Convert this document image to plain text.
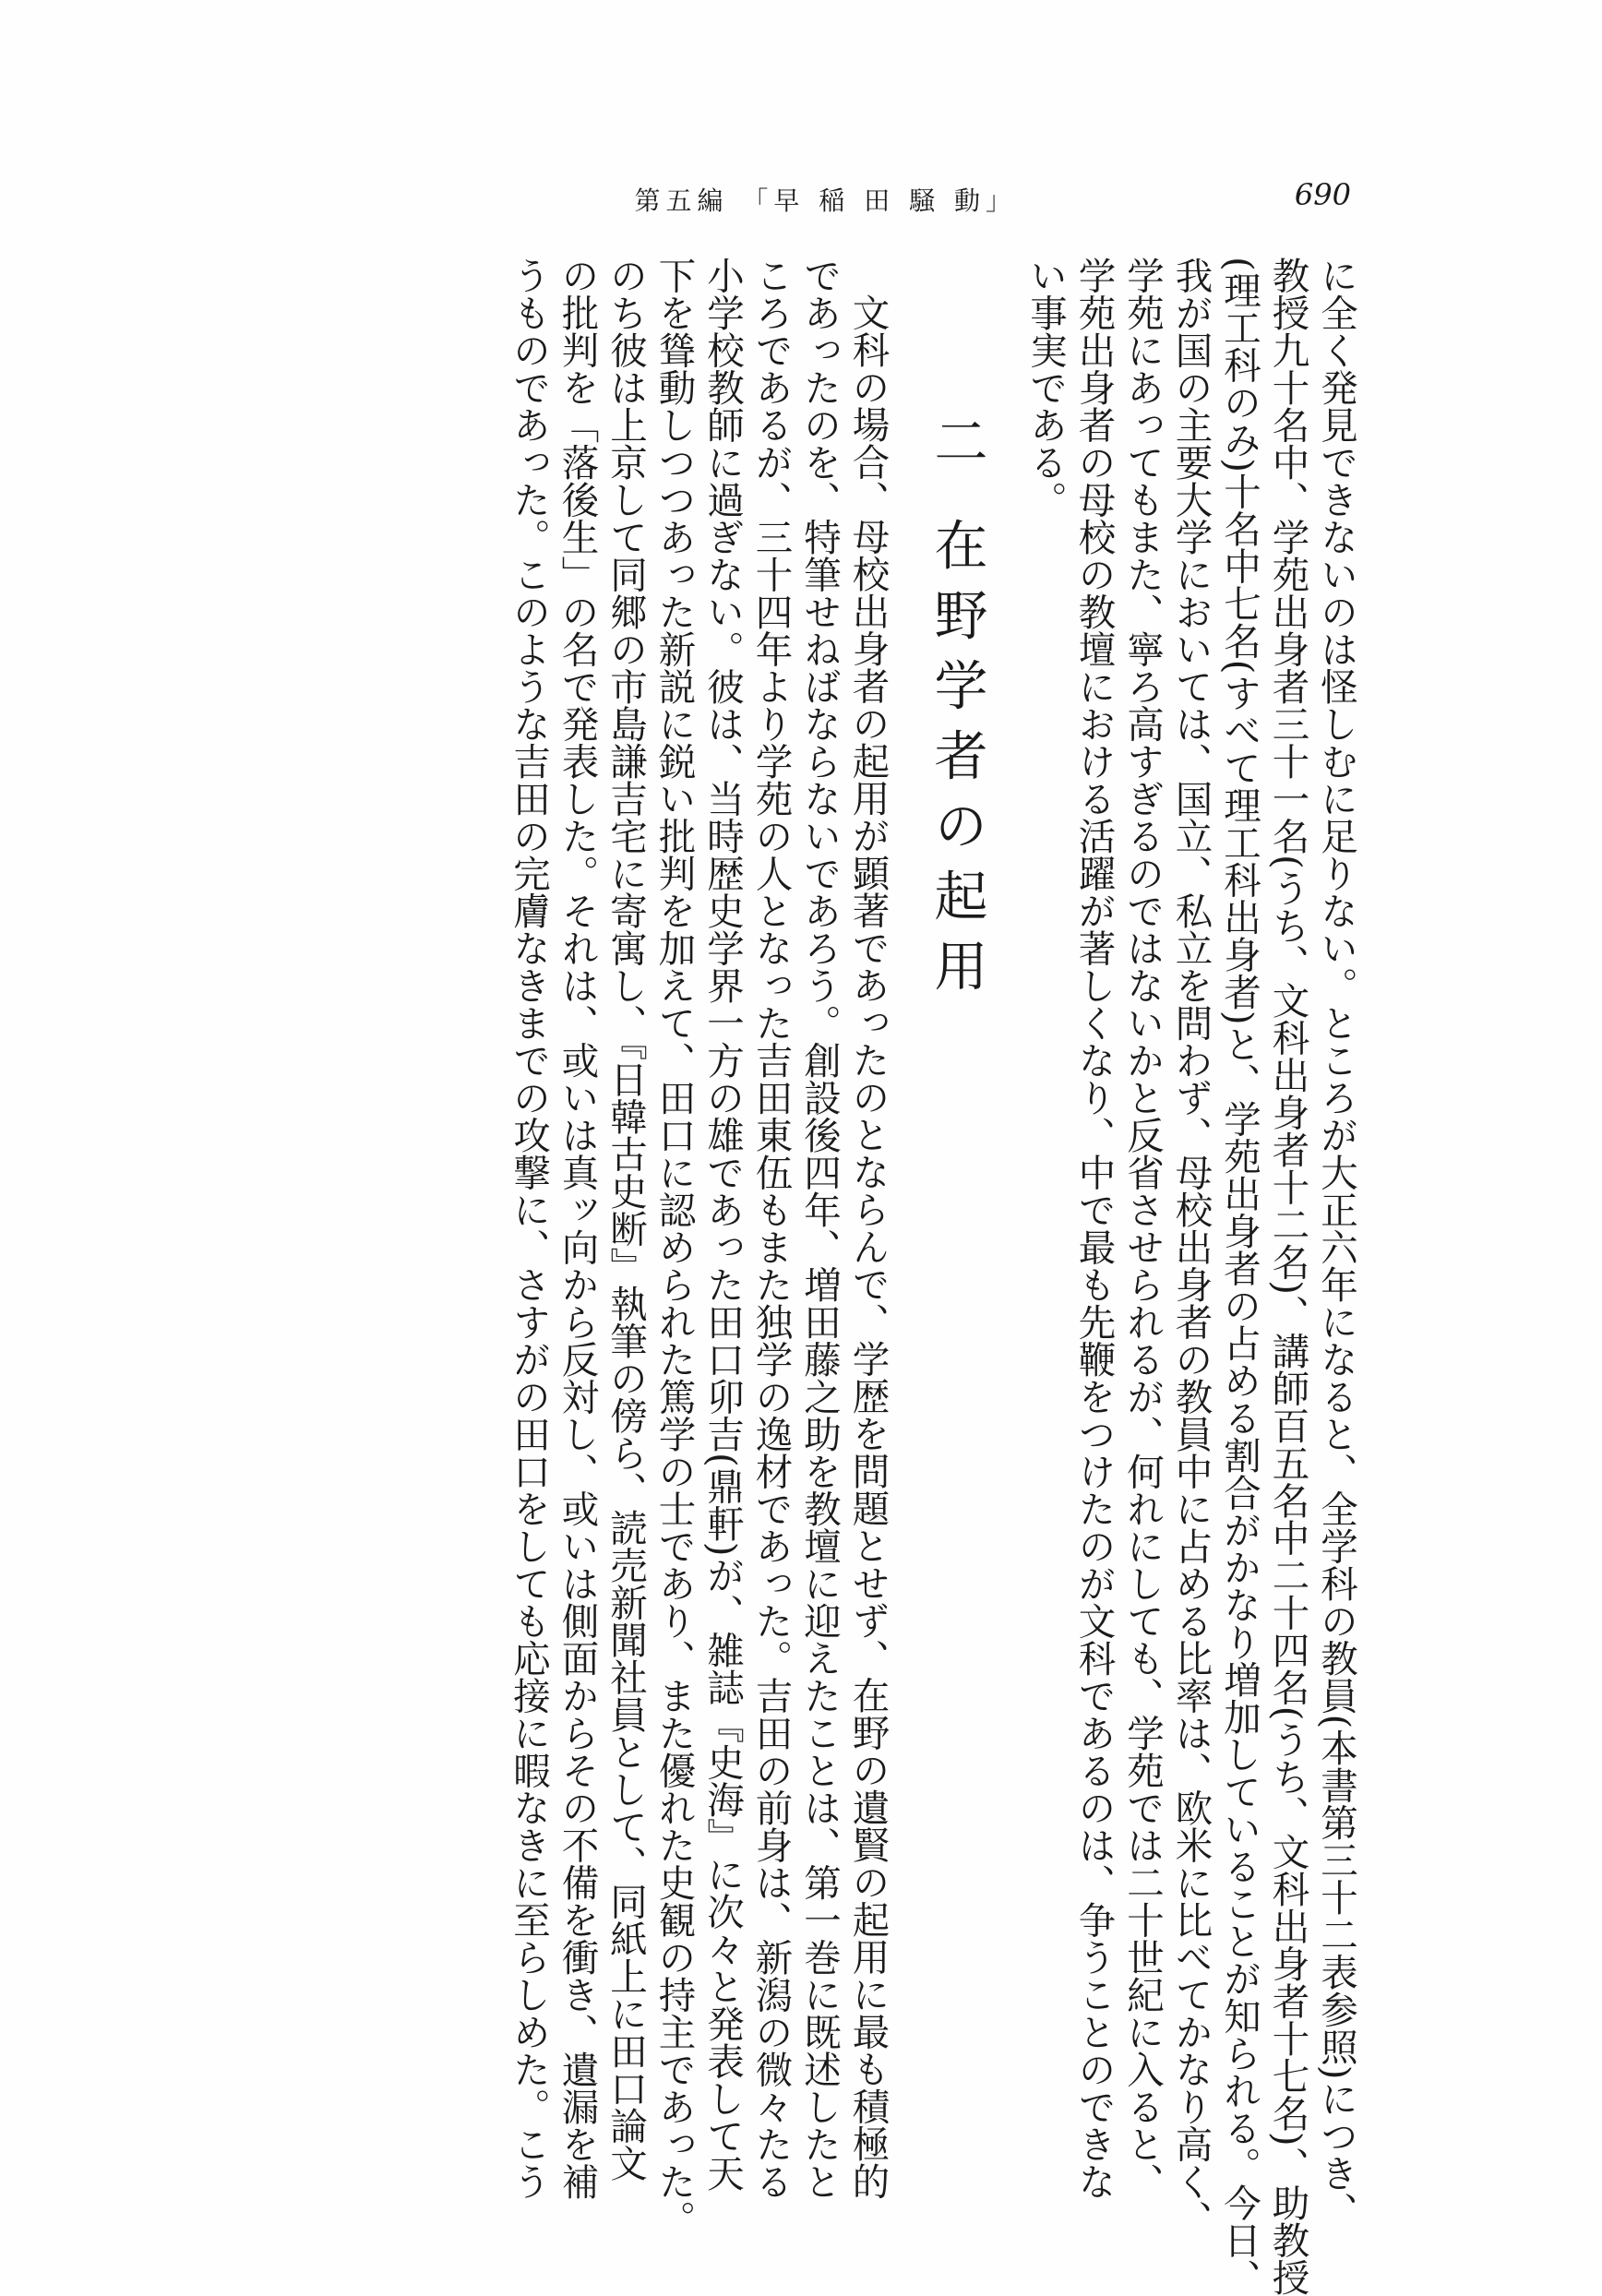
第五編 「早 稲 田 騒 動」	690

に全く発見できないのは怪しむに足りない。ところが大正六年になると、全学科の教員(本書第三十二表参照)につき、

教授九十名中、学苑出身者三十一名(うち、文科出身者十二名)、講師百五名中二十四名(うち、文科出身者十七名)、助教授

(理工科のみ)十名中七名(すべて理工科出身者)と、学苑出身者の占める割合がかなり増加していることが知られる。今日、

我が国の主要大学においては、国立、私立を問わず、母校出身者の教員中に占める比率は、欧米に比べてかなり高く、

学苑にあってもまた、寧ろ高すぎるのではないかと反省させられるが、何れにしても、学苑では二十世紀に入ると、

学苑出身者の母校の教壇における活躍が著しくなり、中で最も先鞭をつけたのが文科であるのは、争うことのできな

い事実である。

二 在野学者の起用

文科の場合、母校出身者の起用が顕著であったのとならんで、学歴を問題とせず、在野の遺賢の起用に最も積極的

であったのを、特筆せねばならないであろう。創設後四年、増田藤之助を教壇に迎えたことは、第一巻に既述したと

ころであるが、三十四年より学苑の人となった吉田東伍もまた独学の逸材であった。吉田の前身は、新潟の微々たる

小学校教師に過ぎない。彼は、当時歴史学界一方の雄であった田口卯吉(鼎軒)が、雑誌『史海』に次々と発表して天

下を聳動しつつあった新説に鋭い批判を加えて、田口に認められた篤学の士であり、また優れた史観の持主であった。

のち彼は上京して同郷の市島謙吉宅に寄寓し、『日韓古史断』執筆の傍ら、読売新聞社員として、同紙上に田口論文

の批判を「落後生」の名で発表した。それは、或いは真ッ向から反対し、或いは側面からその不備を衝き、遺漏を補

うものであった。このような吉田の完膚なきまでの攻撃に、さすがの田口をしても応接に暇なきに至らしめた。こう
